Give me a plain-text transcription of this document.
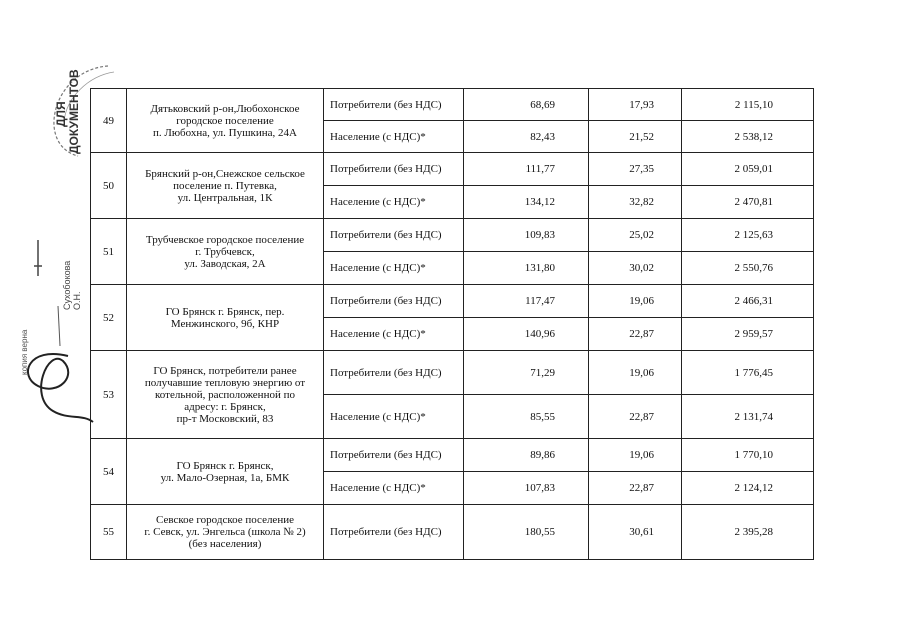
ДЛЯ ДОКУМЕНТОВ
Сухобокова О.Н.
копия верна
49	Дятьковский р-он,Любохонское
городское поселение
п. Любохна, ул. Пушкина, 24А	Потребители (без НДС)	68,69	17,93	2 115,10
		Население (с НДС)*	82,43	21,52	2 538,12
50	Брянский р-он,Снежское сельское
поселение п. Путевка,
ул. Центральная, 1К	Потребители (без НДС)	111,77	27,35	2 059,01
		Население (с НДС)*	134,12	32,82	2 470,81
51	Трубчевское городское поселение
г. Трубчевск,
ул. Заводская, 2А	Потребители (без НДС)	109,83	25,02	2 125,63
		Население (с НДС)*	131,80	30,02	2 550,76
52	ГО Брянск г. Брянск, пер.
Менжинского, 9б, КНР	Потребители (без НДС)	117,47	19,06	2 466,31
		Население (с НДС)*	140,96	22,87	2 959,57
53	ГО Брянск, потребители ранее
получавшие тепловую энергию от
котельной, расположенной по
адресу: г. Брянск,
пр-т Московский, 83	Потребители (без НДС)	71,29	19,06	1 776,45
		Население (с НДС)*	85,55	22,87	2 131,74
54	ГО Брянск г. Брянск,
ул. Мало-Озерная, 1а, БМК	Потребители (без НДС)	89,86	19,06	1 770,10
		Население (с НДС)*	107,83	22,87	2 124,12
55	Севское городское поселение
г. Севск, ул. Энгельса (школа № 2)
(без населения)	Потребители (без НДС)	180,55	30,61	2 395,28
